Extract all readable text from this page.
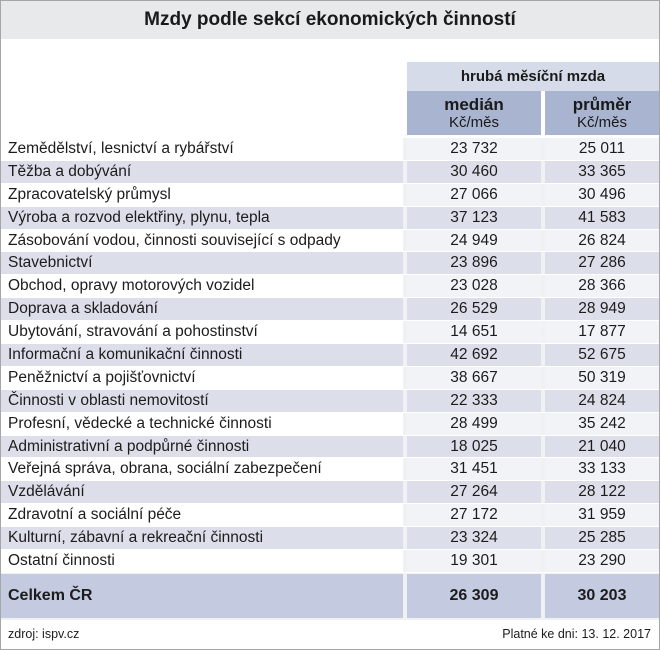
Mzdy podle sekcí ekonomických činností
hrubá měsíční mzda
medián
Kč/měs
průměr
Kč/měs
Zemědělství, lesnictví a rybářství	23 732	25 011
Těžba a dobývání	30 460	33 365
Zpracovatelský průmysl	27 066	30 496
Výroba a rozvod elektřiny, plynu, tepla	37 123	41 583
Zásobování vodou, činnosti související s odpady	24 949	26 824
Stavebnictví	23 896	27 286
Obchod, opravy motorových vozidel	23 028	28 366
Doprava a skladování	26 529	28 949
Ubytování, stravování a pohostinství	14 651	17 877
Informační a komunikační činnosti	42 692	52 675
Peněžnictví a pojišťovnictví	38 667	50 319
Činnosti v oblasti nemovitostí	22 333	24 824
Profesní, vědecké a technické činnosti	28 499	35 242
Administrativní a podpůrné činnosti	18 025	21 040
Veřejná správa, obrana, sociální zabezpečení	31 451	33 133
Vzdělávání	27 264	28 122
Zdravotní a sociální péče	27 172	31 959
Kulturní, zábavní a rekreační činnosti	23 324	25 285
Ostatní činnosti	19 301	23 290
Celkem ČR	26 309	30 203
zdroj: ispv.cz	Platné ke dni: 13. 12. 2017
